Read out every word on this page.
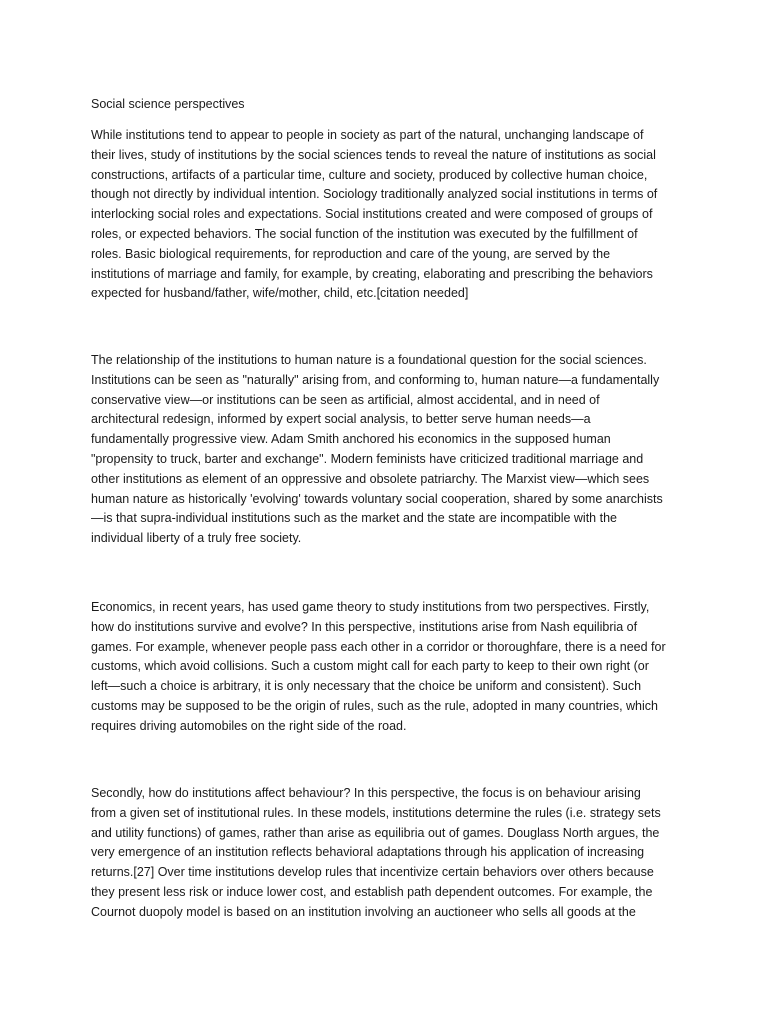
Social science perspectives

While institutions tend to appear to people in society as part of the natural, unchanging landscape of
their lives, study of institutions by the social sciences tends to reveal the nature of institutions as social
constructions, artifacts of a particular time, culture and society, produced by collective human choice,
though not directly by individual intention. Sociology traditionally analyzed social institutions in terms of
interlocking social roles and expectations. Social institutions created and were composed of groups of
roles, or expected behaviors. The social function of the institution was executed by the fulfillment of
roles. Basic biological requirements, for reproduction and care of the young, are served by the
institutions of marriage and family, for example, by creating, elaborating and prescribing the behaviors
expected for husband/father, wife/mother, child, etc.[citation needed]

The relationship of the institutions to human nature is a foundational question for the social sciences.
Institutions can be seen as "naturally" arising from, and conforming to, human nature—a fundamentally
conservative view—or institutions can be seen as artificial, almost accidental, and in need of
architectural redesign, informed by expert social analysis, to better serve human needs—a
fundamentally progressive view. Adam Smith anchored his economics in the supposed human
"propensity to truck, barter and exchange". Modern feminists have criticized traditional marriage and
other institutions as element of an oppressive and obsolete patriarchy. The Marxist view—which sees
human nature as historically 'evolving' towards voluntary social cooperation, shared by some anarchists
—is that supra-individual institutions such as the market and the state are incompatible with the
individual liberty of a truly free society.

Economics, in recent years, has used game theory to study institutions from two perspectives. Firstly,
how do institutions survive and evolve? In this perspective, institutions arise from Nash equilibria of
games. For example, whenever people pass each other in a corridor or thoroughfare, there is a need for
customs, which avoid collisions. Such a custom might call for each party to keep to their own right (or
left—such a choice is arbitrary, it is only necessary that the choice be uniform and consistent). Such
customs may be supposed to be the origin of rules, such as the rule, adopted in many countries, which
requires driving automobiles on the right side of the road.

Secondly, how do institutions affect behaviour? In this perspective, the focus is on behaviour arising
from a given set of institutional rules. In these models, institutions determine the rules (i.e. strategy sets
and utility functions) of games, rather than arise as equilibria out of games. Douglass North argues, the
very emergence of an institution reflects behavioral adaptations through his application of increasing
returns.[27] Over time institutions develop rules that incentivize certain behaviors over others because
they present less risk or induce lower cost, and establish path dependent outcomes. For example, the
Cournot duopoly model is based on an institution involving an auctioneer who sells all goods at the
